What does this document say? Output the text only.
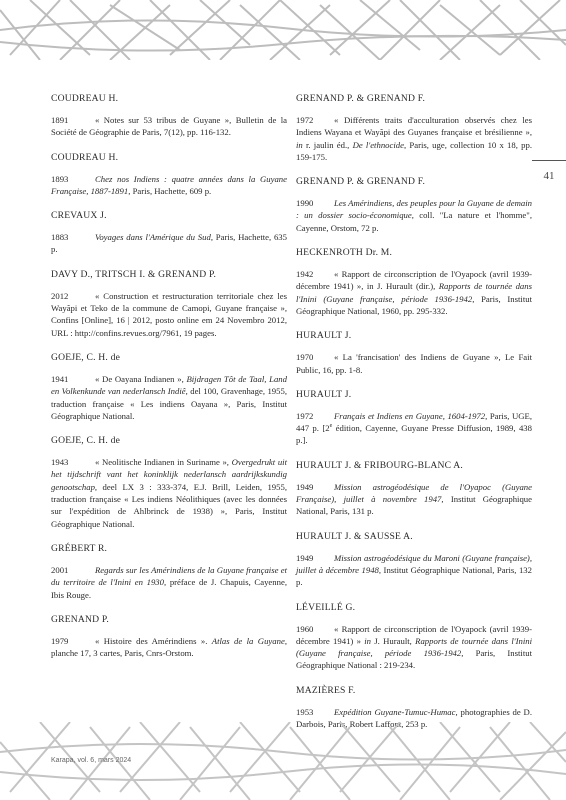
COUDREAU H.

1891	« Notes sur 53 tribus de Guyane », Bulletin de la Société de Géographie de Paris, 7(12), pp. 116-132.

COUDREAU H.

1893	Chez nos Indiens : quatre années dans la Guyane Française, 1887-1891, Paris, Hachette, 609 p.

CREVAUX J.

1883	Voyages dans l'Amérique du Sud, Paris, Hachette, 635 p.

DAVY D., TRITSCH I. & GRENAND P.

2012	« Construction et restructuration territoriale chez les Wayãpi et Teko de la commune de Camopi, Guyane française », Confins [Online], 16 | 2012, posto online em 24 Novembro 2012, URL : http://confins.revues.org/7961, 19 pages.

GOEJE, C. H. de

1941	« De Oayana Indianen », Bijdragen Tôt de Taal, Land en Volkenkunde van nederlansch Indiê, del 100, Gravenhage, 1955, traduction française « Les indiens Oayana », Paris, Institut Géographique National.

GOEJE, C. H. de

1943	« Neolitische Indianen in Suriname », Overgedrukt uit het tijdschrift vant het koninklijk nederlansch aardrijkskundig genootschap, deel LX 3 : 333-374, E.J. Brill, Leiden, 1955, traduction française « Les indiens Néolithiques (avec les données sur l'expédition de Ahlbrinck de 1938) », Paris, Institut Géographique National.

GRÉBERT R.

2001	Regards sur les Amérindiens de la Guyane française et du territoire de l'Inini en 1930, préface de J. Chapuis, Cayenne, Ibis Rouge.

GRENAND P.

1979	« Histoire des Amérindiens ». Atlas de la Guyane, planche 17, 3 cartes, Paris, Cnrs-Orstom.

GRENAND P. & GRENAND F.

1972 « Différents traits d'acculturation observés chez les Indiens Wayana et Wayãpi des Guyanes française et brésilienne », in r. jaulin éd., De l'ethnocide, Paris, uge, collection 10 x 18, pp. 159-175.

GRENAND P. & GRENAND F.

1990 Les Amérindiens, des peuples pour la Guyane de demain : un dossier socio-économique, coll. "La nature et l'homme", Cayenne, Orstom, 72 p.

HECKENROTH Dr. M.

1942 « Rapport de circonscription de l'Oyapock (avril 1939-décembre 1941) », in J. Hurault (dir.), Rapports de tournée dans l'Inini (Guyane française, période 1936-1942, Paris, Institut Géographique National, 1960, pp. 295-332.

HURAULT J.

1970 « La 'francisation' des Indiens de Guyane », Le Fait Public, 16, pp. 1-8.

HURAULT J.

1972 Français et Indiens en Guyane, 1604-1972, Paris, UGE, 447 p. [2e édition, Cayenne, Guyane Presse Diffusion, 1989, 438 p.].

HURAULT J. & FRIBOURG-BLANC A.

1949 Mission astrogéodésique de l'Oyapoc (Guyane Française), juillet à novembre 1947, Institut Géographique National, Paris, 131 p.

HURAULT J. & SAUSSE A.

1949 Mission astrogéodésique du Maroni (Guyane française), juillet à décembre 1948, Institut Géographique National, Paris, 132 p.

LÉVEILLÉ G.

1960 « Rapport de circonscription de l'Oyapock (avril 1939-décembre 1941) » in J. Hurault, Rapports de tournée dans l'Inini (Guyane française, période 1936-1942, Paris, Institut Géographique National : 219-234.

MAZIÈRES F.

1953 Expédition Guyane-Tumuc-Humac, photographies de D. Darbois, Paris, Robert Laffont, 253 p.

41
Karapa, vol. 6, mars 2024
